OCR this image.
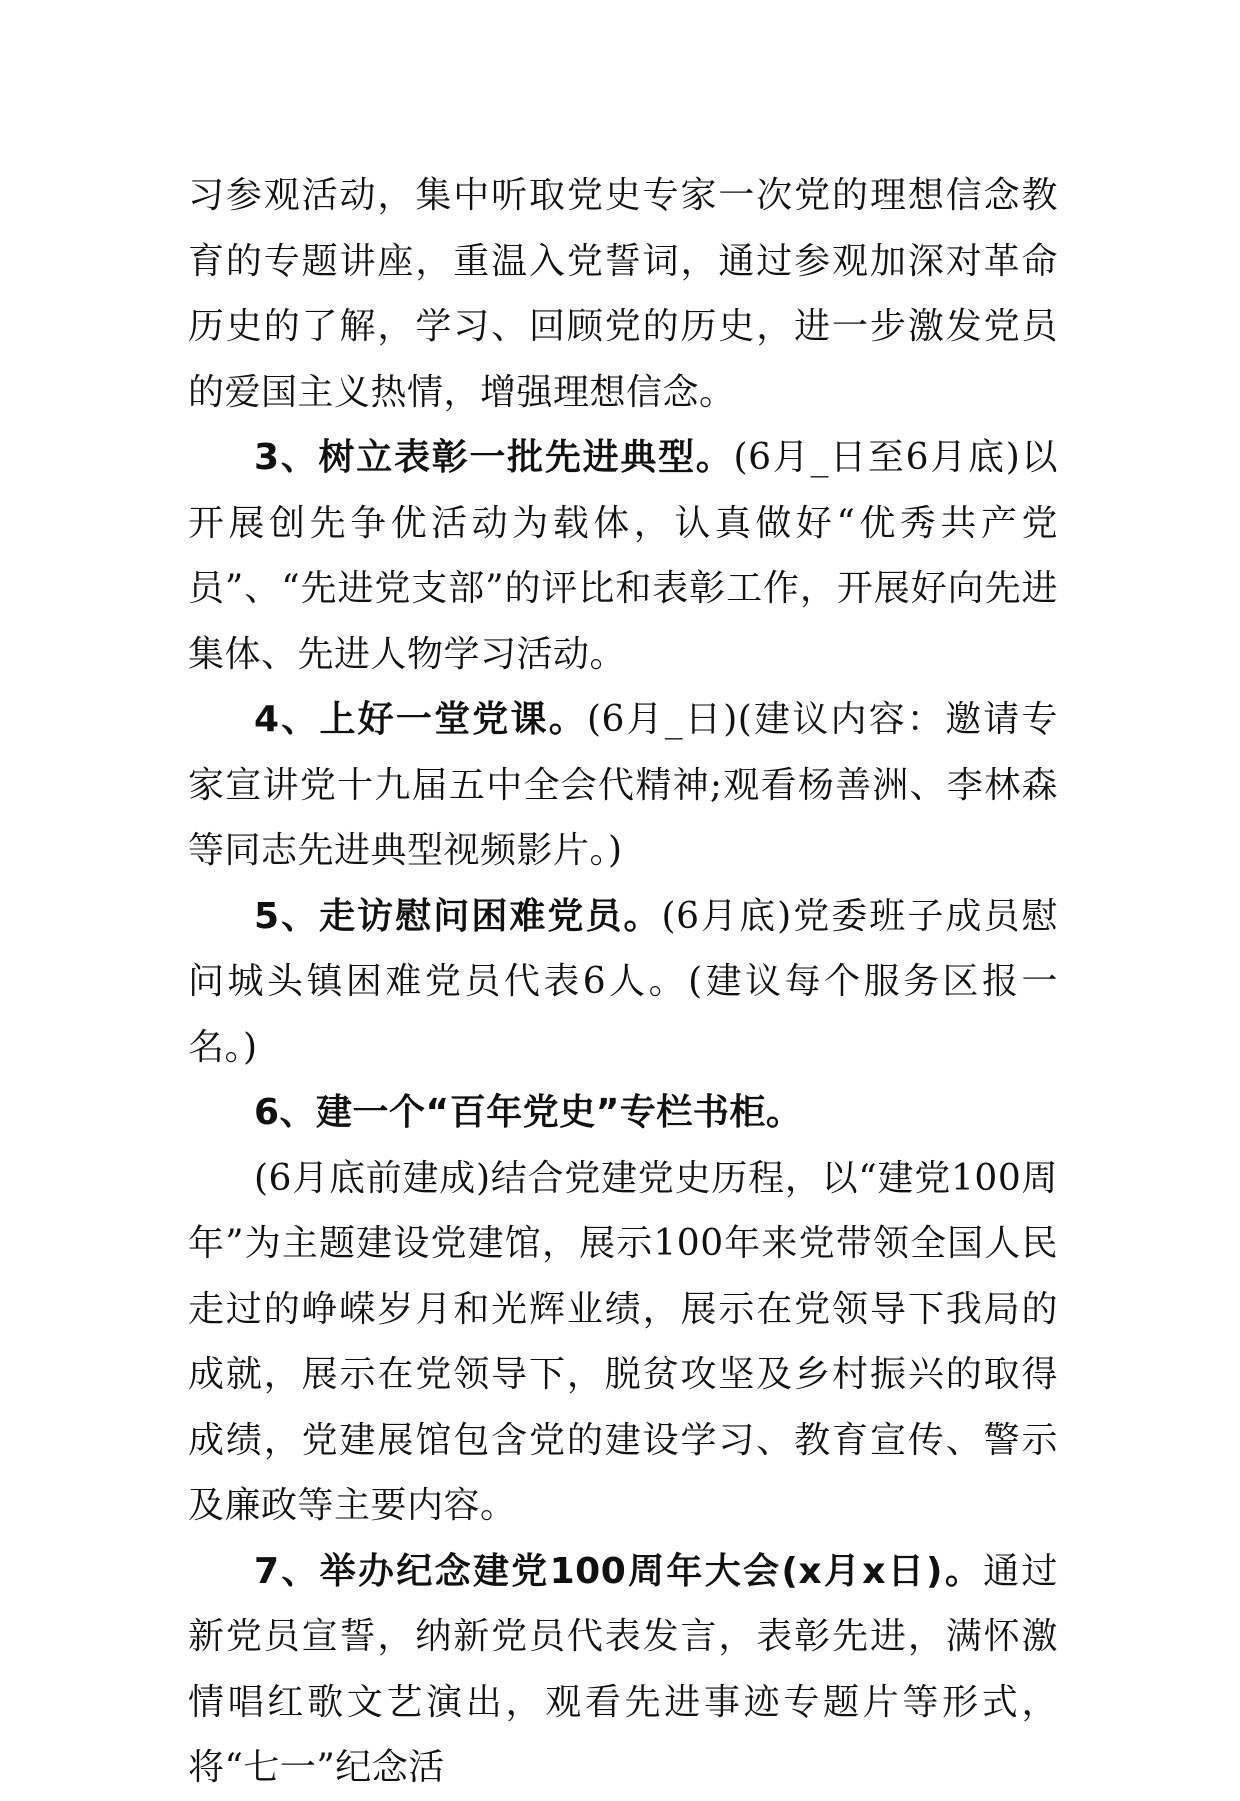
习参观活动，集中听取党史专家一次党的理想信念教育的专题讲座，重温入党誓词，通过参观加深对革命历史的了解，学习、回顾党的历史，进一步激发党员的爱国主义热情，增强理想信念。

3、树立表彰一批先进典型。(6月_日至6月底)以开展创先争优活动为载体，认真做好“优秀共产党员”、“先进党支部”的评比和表彰工作，开展好向先进集体、先进人物学习活动。

4、上好一堂党课。(6月_日)(建议内容：邀请专家宣讲党十九届五中全会代精神;观看杨善洲、李林森等同志先进典型视频影片。)

5、走访慰问困难党员。(6月底)党委班子成员慰问城头镇困难党员代表6人。(建议每个服务区报一名。)

6、建一个“百年党史”专栏书柜。

(6月底前建成)结合党建党史历程，以“建党100周年”为主题建设党建馆，展示100年来党带领全国人民走过的峥嵘岁月和光辉业绩，展示在党领导下我局的成就，展示在党领导下，脱贫攻坚及乡村振兴的取得成绩，党建展馆包含党的建设学习、教育宣传、警示及廉政等主要内容。

7、举办纪念建党100周年大会(x月x日)。通过新党员宣誓，纳新党员代表发言，表彰先进，满怀激情唱红歌文艺演出，观看先进事迹专题片等形式，将“七一”纪念活
